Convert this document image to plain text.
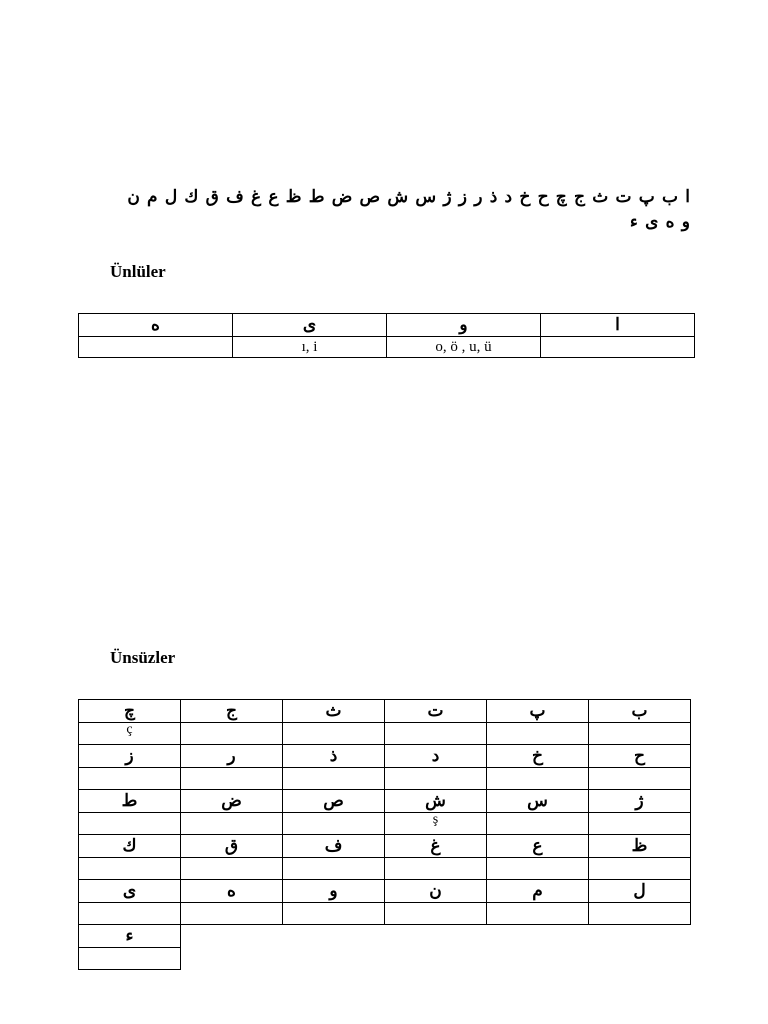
ا ب پ ت ث ج چ ح خ د ذ ر ز ژ س ش ص ض ط ظ ع غ ف ق ك ل م ن
و ه ى ء
Ünlüler
ه	ى	و	ا
	ı, i	o, ö , u, ü	
Ünsüzler
چ	ج	ث	ت	پ	ب
ç					
ز	ر	ذ	د	خ	ح

ط	ض	ص	ش	س	ژ
			ş		
ك	ق	ف	غ	ع	ظ

ى	ه	و	ن	م	ل

ء
